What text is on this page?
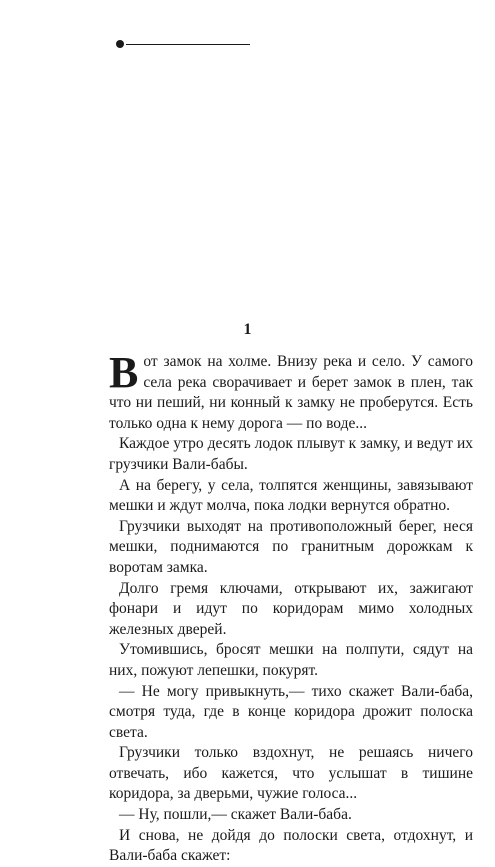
1

Вот замок на холме. Внизу река и село. У самого села река сворачивает и берет замок в плен, так что ни пеший, ни конный к замку не проберутся. Есть только одна к нему дорога — по воде...

Каждое утро десять лодок плывут к замку, и ведут их грузчики Вали-бабы.

А на берегу, у села, толпятся женщины, завязывают мешки и ждут молча, пока лодки вернутся обратно.

Грузчики выходят на противоположный берег, неся мешки, поднимаются по гранитным дорожкам к воротам замка.

Долго гремя ключами, открывают их, зажигают фонари и идут по коридорам мимо холодных железных дверей.

Утомившись, бросят мешки на полпути, сядут на них, пожуют лепешки, покурят.

— Не могу привыкнуть,— тихо скажет Вали-баба, смотря туда, где в конце коридора дрожит полоска света.

Грузчики только вздохнут, не решаясь ничего отвечать, ибо кажется, что услышат в тишине коридора, за дверьми, чужие голоса...

— Ну, пошли,— скажет Вали-баба.

И снова, не дойдя до полоски света, отдохнут, и Вали-баба скажет:
